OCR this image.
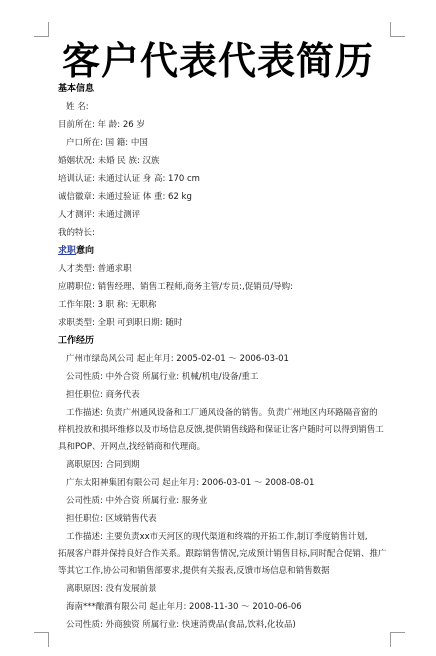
客户代表代表简历
基本信息
姓 名:
目前所在: 年 龄: 26 岁
户口所在: 国 籍: 中国
婚姻状况: 未婚 民 族: 汉族
培训认证: 未通过认证 身 高: 170 cm
诚信徽章: 未通过验证 体 重: 62 kg
人才测评: 未通过测评
我的特长:
求职意向
人才类型: 普通求职
应聘职位: 销售经理、销售工程师,商务主管/专员:,促销员/导购:
工作年限: 3 职 称: 无职称
求职类型: 全职 可到职日期: 随时
工作经历
广州市绿岛风公司 起止年月: 2005-02-01 ～ 2006-03-01
公司性质: 中外合资 所属行业: 机械/机电/设备/重工
担任职位: 商务代表
工作描述: 负责广州通风设备和工厂通风设备的销售。负责广州地区内环路隔音窗的
样机投放和损坏维修以及市场信息反馈,提供销售线路和保证让客户随时可以得到销售工具和POP、开网点,找经销商和代理商。
离职原因: 合同到期
广东太阳神集团有限公司 起止年月: 2006-03-01 ～ 2008-08-01
公司性质: 中外合资 所属行业: 服务业
担任职位: 区域销售代表
工作描述: 主要负责xx市天河区的现代渠道和终端的开拓工作,制订季度销售计划,
拓展客户群并保持良好合作关系。跟踪销售情况,完成预计销售目标,同时配合促销、推广等其它工作,协公司和销售部要求,提供有关报表,反馈市场信息和销售数据
离职原因: 没有发展前景
海南***酿酒有限公司 起止年月: 2008-11-30 ～ 2010-06-06
公司性质: 外商独资 所属行业: 快速消费品(食品,饮料,化妆品)
